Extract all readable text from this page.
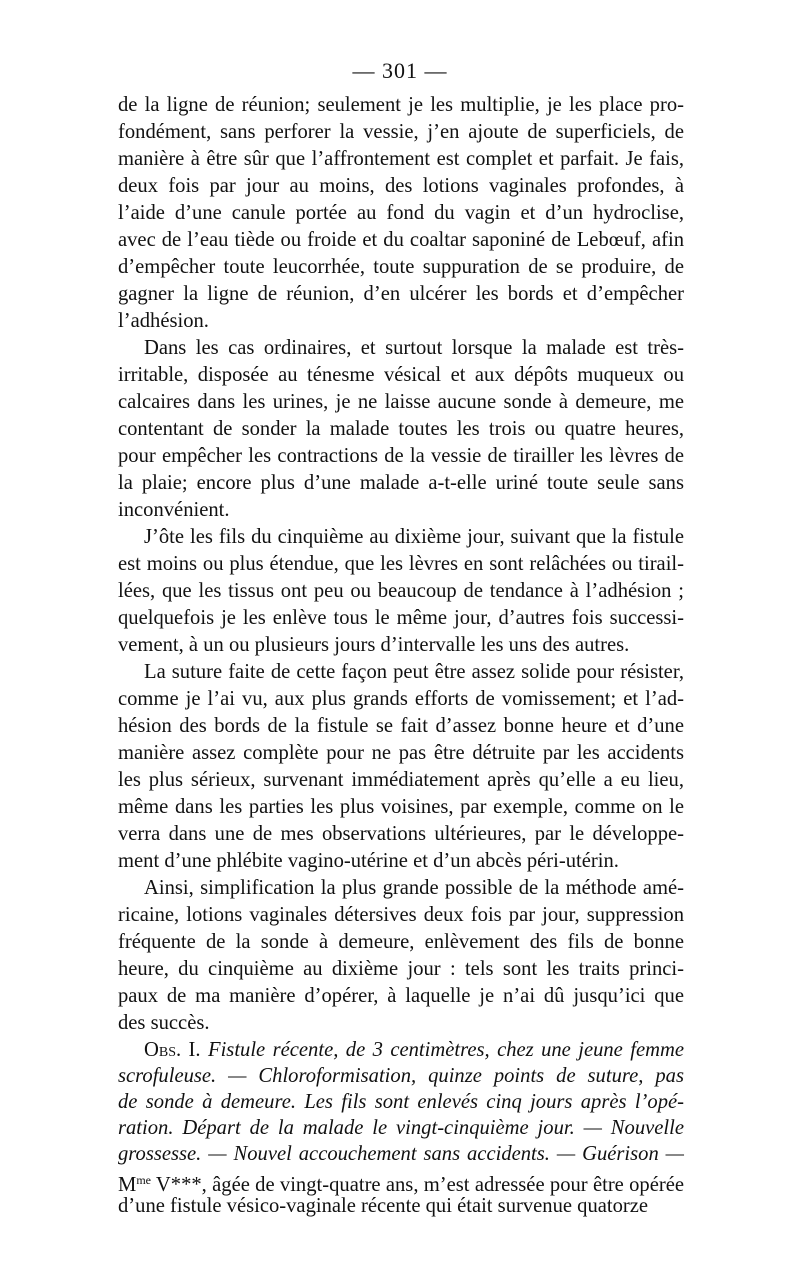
— 301 —
de la ligne de réunion; seulement je les multiplie, je les place pro-
fondément, sans perforer la vessie, j’en ajoute de superficiels, de
manière à être sûr que l’affrontement est complet et parfait. Je fais,
deux fois par jour au moins, des lotions vaginales profondes, à
l’aide d’une canule portée au fond du vagin et d’un hydroclise,
avec de l’eau tiède ou froide et du coaltar saponiné de Lebœuf, afin
d’empêcher toute leucorrhée, toute suppuration de se produire, de
gagner la ligne de réunion, d’en ulcérer les bords et d’empêcher
l’adhésion.
Dans les cas ordinaires, et surtout lorsque la malade est très-
irritable, disposée au ténesme vésical et aux dépôts muqueux ou
calcaires dans les urines, je ne laisse aucune sonde à demeure, me
contentant de sonder la malade toutes les trois ou quatre heures,
pour empêcher les contractions de la vessie de tirailler les lèvres de
la plaie; encore plus d’une malade a-t-elle uriné toute seule sans
inconvénient.
J’ôte les fils du cinquième au dixième jour, suivant que la fistule
est moins ou plus étendue, que les lèvres en sont relâchées ou tirail-
lées, que les tissus ont peu ou beaucoup de tendance à l’adhésion ;
quelquefois je les enlève tous le même jour, d’autres fois successi-
vement, à un ou plusieurs jours d’intervalle les uns des autres.
La suture faite de cette façon peut être assez solide pour résister,
comme je l’ai vu, aux plus grands efforts de vomissement; et l’ad-
hésion des bords de la fistule se fait d’assez bonne heure et d’une
manière assez complète pour ne pas être détruite par les accidents
les plus sérieux, survenant immédiatement après qu’elle a eu lieu,
même dans les parties les plus voisines, par exemple, comme on le
verra dans une de mes observations ultérieures, par le développe-
ment d’une phlébite vagino-utérine et d’un abcès péri-utérin.
Ainsi, simplification la plus grande possible de la méthode amé-
ricaine, lotions vaginales détersives deux fois par jour, suppression
fréquente de la sonde à demeure, enlèvement des fils de bonne
heure, du cinquième au dixième jour : tels sont les traits princi-
paux de ma manière d’opérer, à laquelle je n’ai dû jusqu’ici que
des succès.
Obs. I. Fistule récente, de 3 centimètres, chez une jeune femme
scrofuleuse. — Chloroformisation, quinze points de suture, pas
de sonde à demeure. Les fils sont enlevés cinq jours après l’opé-
ration. Départ de la malade le vingt-cinquième jour. — Nouvelle
grossesse. — Nouvel accouchement sans accidents. — Guérison —
$M^{me}$ V***, âgée de vingt-quatre ans, m’est adressée pour être opérée
d’une fistule vésico-vaginale récente qui était survenue quatorze
